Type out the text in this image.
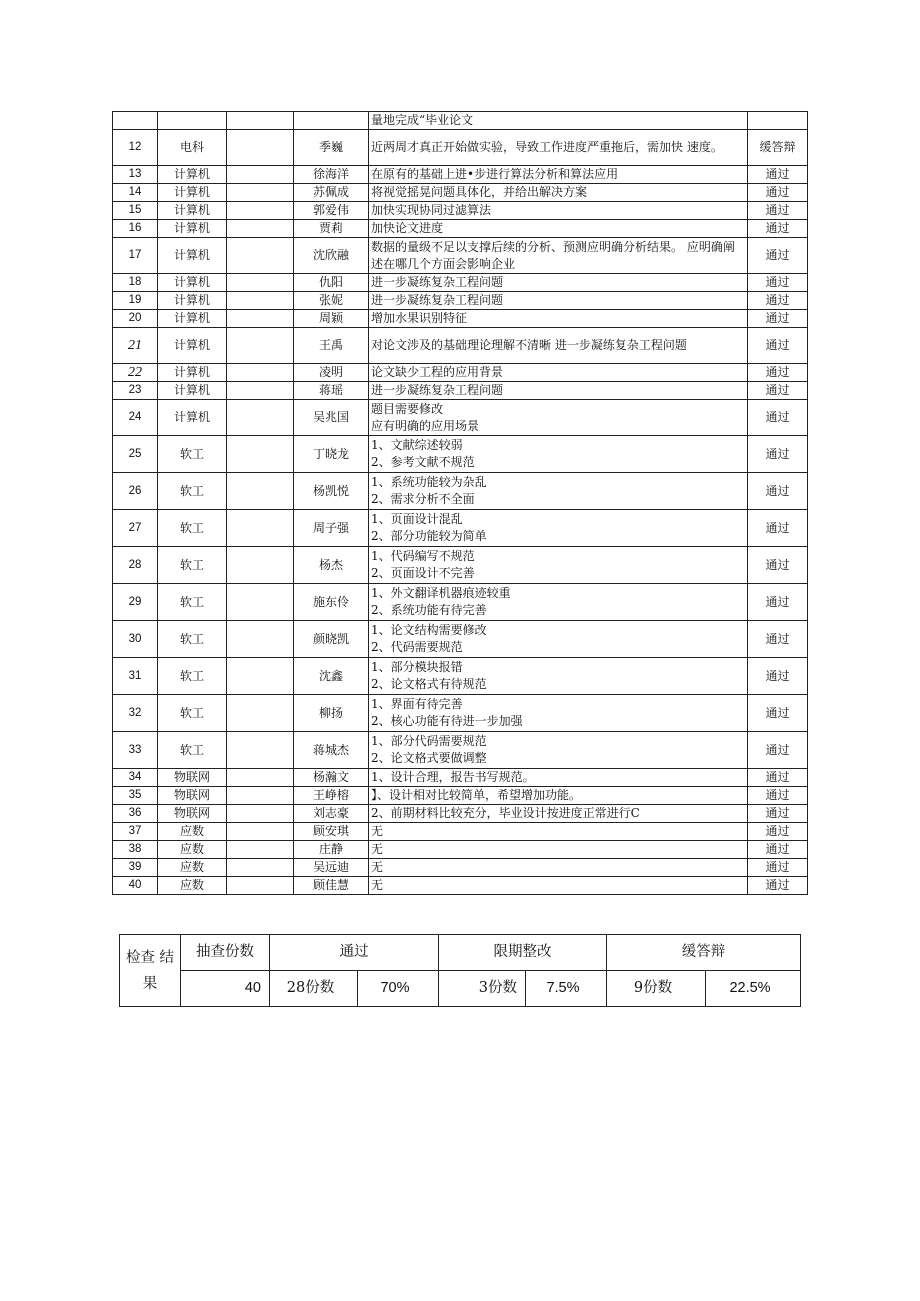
				量地完成“毕业论文	

12	电科		季巍	近两周才真正开始做实验，导致工作进度严重拖后，需加快 速度。	缓答辩
13	计算机		徐海洋	在原有的基础上进•步进行算法分析和算法应用	通过
14	计算机		苏佩成	将视觉摇晃问题具体化，并给出解决方案	通过
15	计算机		郭爱伟	加快实现协同过滤算法	通过
16	计算机		贾莉	加快论文进度	通过
17	计算机		沈欣融	数据的量级不足以支撑后续的分析、预测应明确分析结果。 应明确阐述在哪几个方面会影响企业	通过
18	计算机		仇阳	进一步凝练复杂工程问题	通过
19	计算机		张妮	进一步凝练复杂工程问题	通过
20	计算机		周颖	增加水果识别特征	通过
21	计算机		王禹	对论文涉及的基础理论理解不清晰 进一步凝练复杂工程问题	通过
22	计算机		凌明	论文缺少工程的应用背景	通过
23	计算机		蒋瑶	进一步凝练复杂工程问题	通过
24	计算机		吴兆国	题目需要修改
应有明确的应用场景	通过
25	软工		丁晓龙	1、文献综述较弱
2、参考文献不规范	通过
26	软工		杨凯悦	1、系统功能较为杂乱
2、需求分析不全面	通过
27	软工		周子强	1、页面设计混乱
2、部分功能较为简单	通过
28	软工		杨杰	1、代码编写不规范
2、页面设计不完善	通过
29	软工		施东伶	1、外文翻译机器痕迹较重
2、系统功能有待完善	通过
30	软工		颜晓凯	1、论文结构需要修改
2、代码需要规范	通过
31	软工		沈鑫	1、部分模块报错
2、论文格式有待规范	通过
32	软工		柳扬	1、界面有待完善
2、核心功能有待进一步加强	通过
33	软工		蒋城杰	1、部分代码需要规范
2、论文格式要做调整	通过
34	物联网		杨瀚文	1、设计合理，报告书写规范。	通过
35	物联网		王峥榕	】、设计相对比较简单，希望增加功能。	通过
36	物联网		刘志豪	2、前期材料比较充分，毕业设计按进度正常进行C	通过
37	应数		顾安琪	无	通过
38	应数		庄静	无	通过
39	应数		吴远迪	无	通过
40	应数		顾佳慧	无	通过
检查 结果	抽查份数	通过		限期整改		缓答辩	
	40	28份数	70%	3份数	7.5%	9份数	22.5%
